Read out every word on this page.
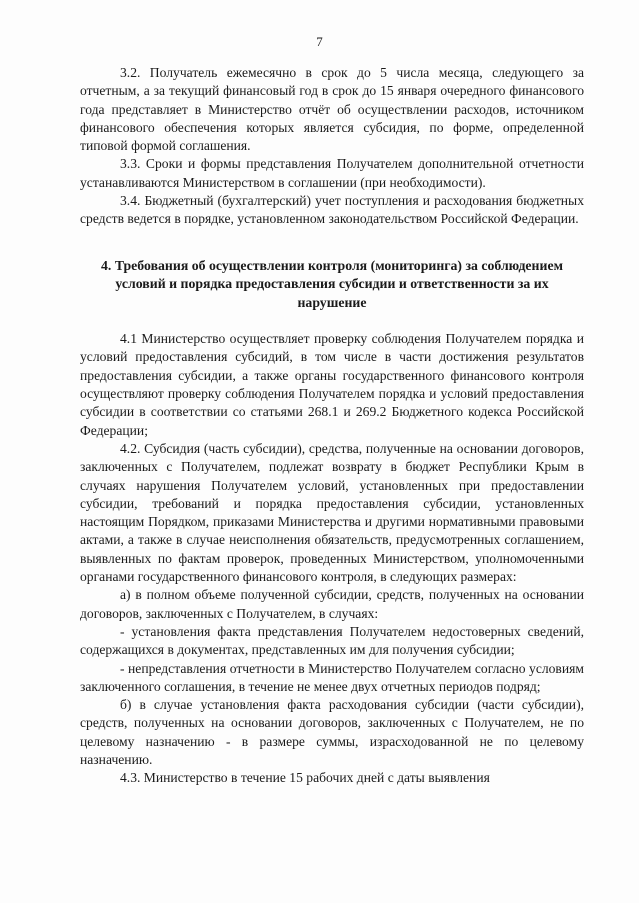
7

3.2. Получатель ежемесячно в срок до 5 числа месяца, следующего за отчетным, а за текущий финансовый год в срок до 15 января очередного финансового года представляет в Министерство отчёт об осуществлении расходов, источником финансового обеспечения которых является субсидия, по форме, определенной типовой формой соглашения.

3.3. Сроки и формы представления Получателем дополнительной отчетности устанавливаются Министерством в соглашении (при необходимости).

3.4. Бюджетный (бухгалтерский) учет поступления и расходования бюджетных средств ведется в порядке, установленном законодательством Российской Федерации.

4. Требования об осуществлении контроля (мониторинга) за соблюдением условий и порядка предоставления субсидии и ответственности за их нарушение

4.1 Министерство осуществляет проверку соблюдения Получателем порядка и условий предоставления субсидий, в том числе в части достижения результатов предоставления субсидии, а также органы государственного финансового контроля осуществляют проверку соблюдения Получателем порядка и условий предоставления субсидии в соответствии со статьями 268.1 и 269.2 Бюджетного кодекса Российской Федерации;

4.2. Субсидия (часть субсидии), средства, полученные на основании договоров, заключенных с Получателем, подлежат возврату в бюджет Республики Крым в случаях нарушения Получателем условий, установленных при предоставлении субсидии, требований и порядка предоставления субсидии, установленных настоящим Порядком, приказами Министерства и другими нормативными правовыми актами, а также в случае неисполнения обязательств, предусмотренных соглашением, выявленных по фактам проверок, проведенных Министерством, уполномоченными органами государственного финансового контроля, в следующих размерах:

а) в полном объеме полученной субсидии, средств, полученных на основании договоров, заключенных с Получателем, в случаях:

- установления факта представления Получателем недостоверных сведений, содержащихся в документах, представленных им для получения субсидии;

- непредставления отчетности в Министерство Получателем согласно условиям заключенного соглашения, в течение не менее двух отчетных периодов подряд;

б) в случае установления факта расходования субсидии (части субсидии), средств, полученных на основании договоров, заключенных с Получателем, не по целевому назначению - в размере суммы, израсходованной не по целевому назначению.

4.3. Министерство в течение 15 рабочих дней с даты выявления
